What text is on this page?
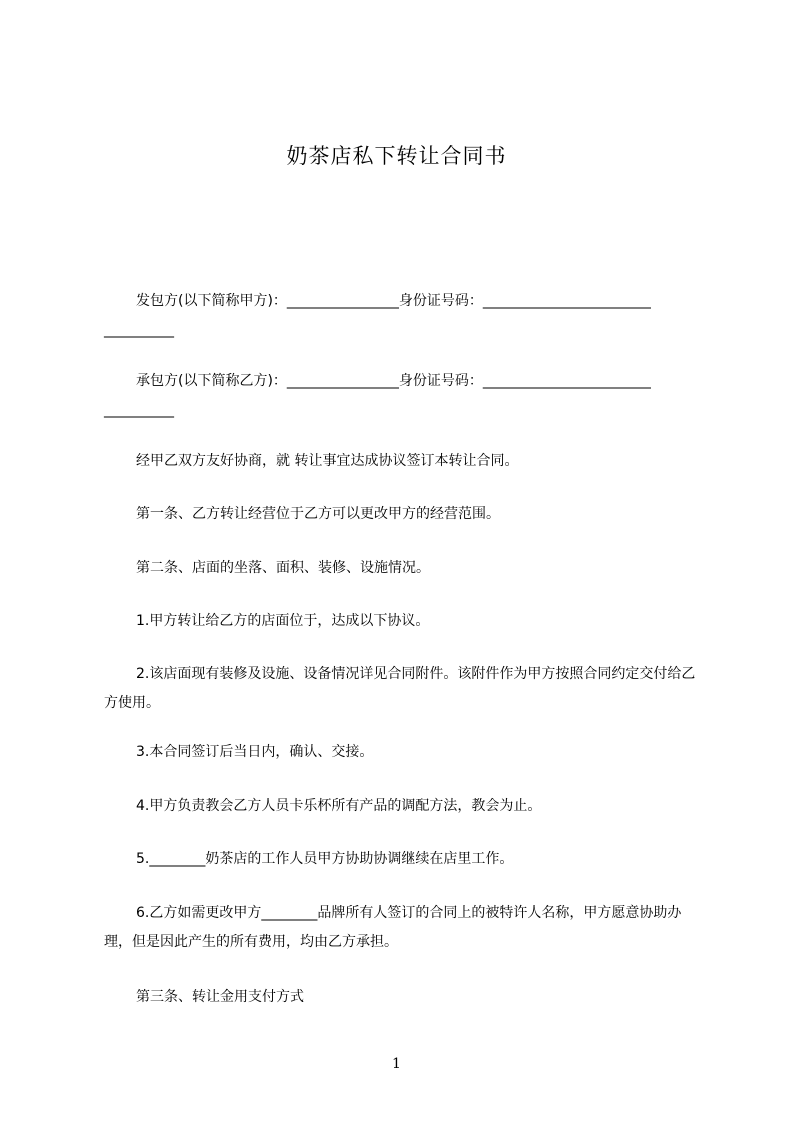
奶茶店私下转让合同书
发包方(以下简称甲方)：________________身份证号码：________________________
__________
承包方(以下简称乙方)：________________身份证号码：________________________
__________
经甲乙双方友好协商，就 转让事宜达成协议签订本转让合同。
第一条、乙方转让经营位于乙方可以更改甲方的经营范围。
第二条、店面的坐落、面积、装修、设施情况。
1.甲方转让给乙方的店面位于，达成以下协议。
2.该店面现有装修及设施、设备情况详见合同附件。该附件作为甲方按照合同约定交付给乙方使用。
3.本合同签订后当日内，确认、交接。
4.甲方负责教会乙方人员卡乐杯所有产品的调配方法，教会为止。
5.________奶茶店的工作人员甲方协助协调继续在店里工作。
6.乙方如需更改甲方________品牌所有人签订的合同上的被特许人名称，甲方愿意协助办理，但是因此产生的所有费用，均由乙方承担。
第三条、转让金用支付方式
1
